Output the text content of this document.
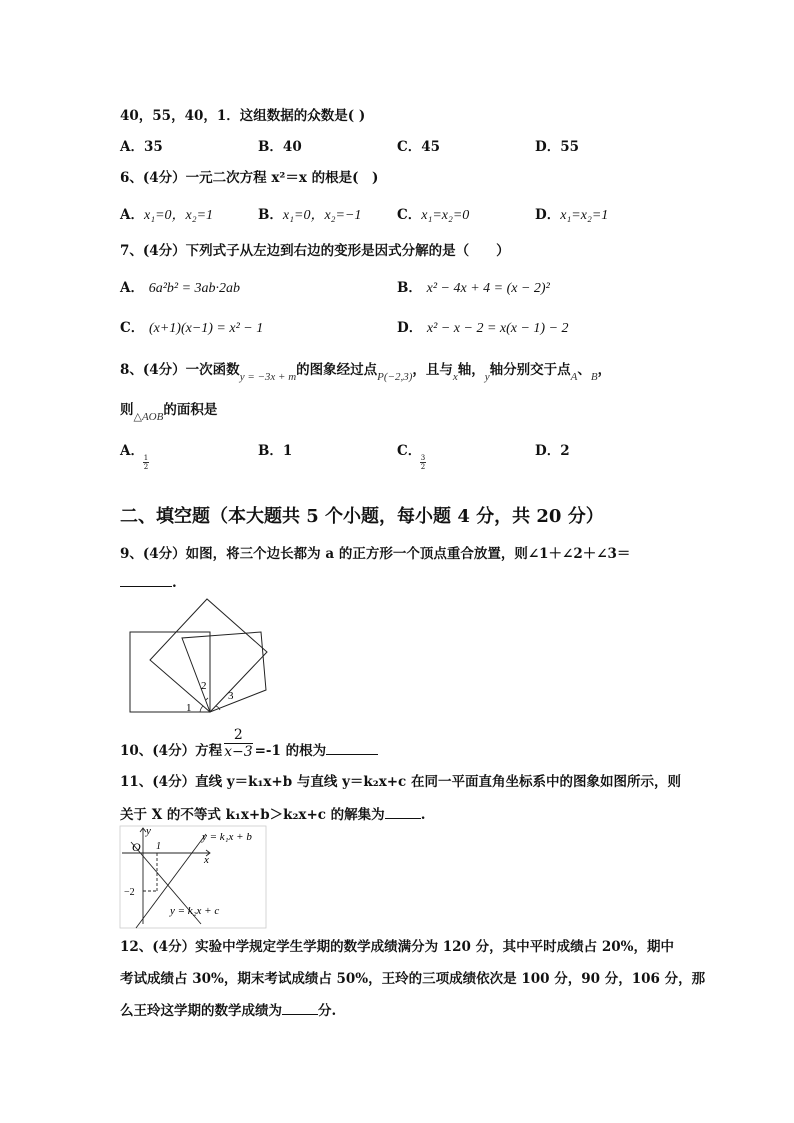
40，55，40，1．这组数据的众数是( )
A．35	B．40	C．45	D．55
6、(4分）一元二次方程 x²＝x 的根是(　)
A．x₁=0，x₂=1	B．x₁=0，x₂=−1	C．x₁=x₂=0	D．x₁=x₂=1
7、(4分）下列式子从左边到右边的变形是因式分解的是（　　）
A． 6a²b² = 3ab·2ab	B． x² − 4x + 4 = (x − 2)²
C． (x+1)(x−1) = x² − 1	D． x² − x − 2 = x(x − 1) − 2
8、(4分）一次函数$_{y = -3x + m}$的图象经过点$_{P(-2,3)}$，且与$_x$轴，$_y$轴分别交于点$_A$、$_B$，
则$_{\triangle AOB}$的面积是
A． 1
2
B．1	C． 3
2
D．2
二、填空题（本大题共 5 个小题，每小题 4 分，共 20 分）
9、(4分）如图，将三个边长都为 a 的正方形一个顶点重合放置，则∠1＋∠2＋∠3＝
.
1
2
3
10、(4分）方程 $\frac{2}{x-3} =-1$ 的根为
11、(4分）直线 y＝k₁x+b 与直线 y＝k₂x+c 在同一平面直角坐标系中的图象如图所示，则
关于 X 的不等式 k₁x+b＞k₂x+c 的解集为	.
O
x
y
1
−2
y = k₁x + b
y = k₂x + c
12、(4分）实验中学规定学生学期的数学成绩满分为 120 分，其中平时成绩占 20%，期中
考试成绩占 30%，期末考试成绩占 50%，王玲的三项成绩依次是 100 分，90 分，106 分，那
么王玲这学期的数学成绩为	分.
